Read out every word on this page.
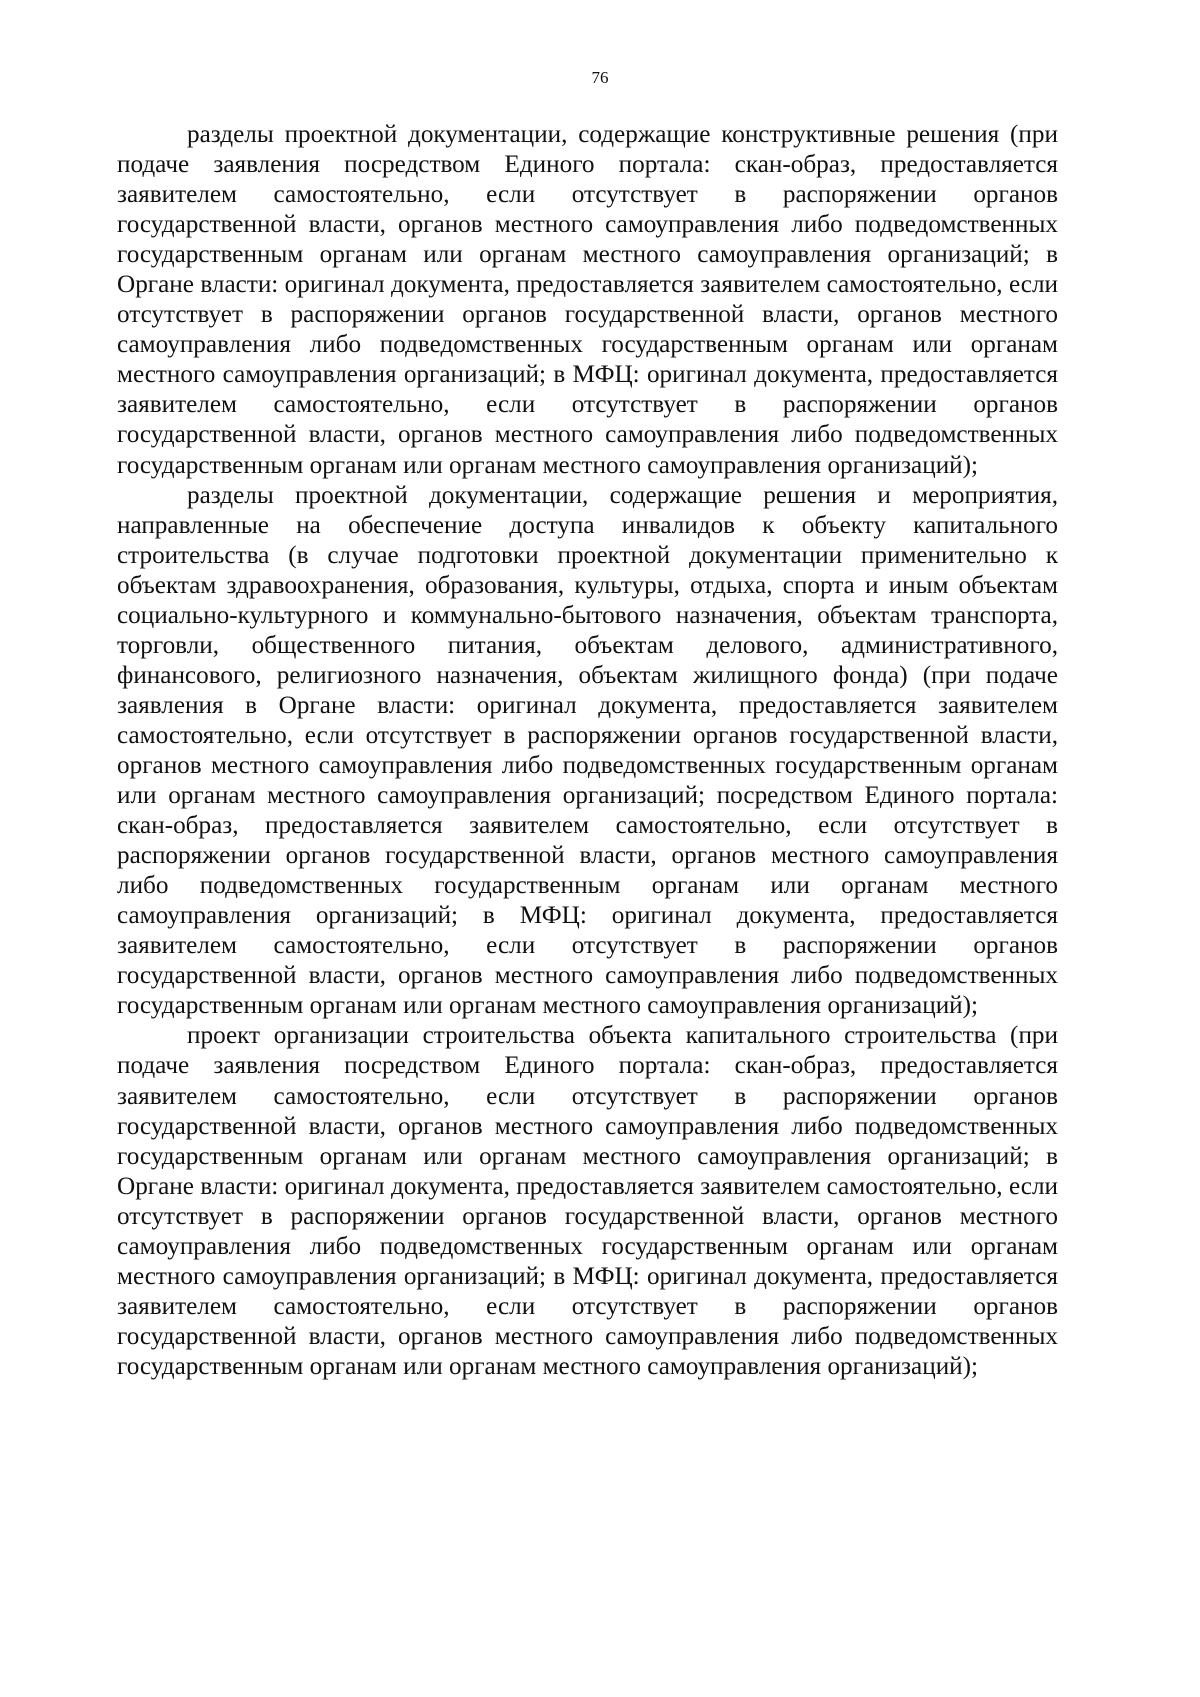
76

разделы проектной документации, содержащие конструктивные решения (при подаче заявления посредством Единого портала: скан-образ, предоставляется заявителем самостоятельно, если отсутствует в распоряжении органов государственной власти, органов местного самоуправления либо подведомственных государственным органам или органам местного самоуправления организаций; в Органе власти: оригинал документа, предоставляется заявителем самостоятельно, если отсутствует в распоряжении органов государственной власти, органов местного самоуправления либо подведомственных государственным органам или органам местного самоуправления организаций; в МФЦ: оригинал документа, предоставляется заявителем самостоятельно, если отсутствует в распоряжении органов государственной власти, органов местного самоуправления либо подведомственных государственным органам или органам местного самоуправления организаций);

разделы проектной документации, содержащие решения и мероприятия, направленные на обеспечение доступа инвалидов к объекту капитального строительства (в случае подготовки проектной документации применительно к объектам здравоохранения, образования, культуры, отдыха, спорта и иным объектам социально-культурного и коммунально-бытового назначения, объектам транспорта, торговли, общественного питания, объектам делового, административного, финансового, религиозного назначения, объектам жилищного фонда) (при подаче заявления в Органе власти: оригинал документа, предоставляется заявителем самостоятельно, если отсутствует в распоряжении органов государственной власти, органов местного самоуправления либо подведомственных государственным органам или органам местного самоуправления организаций; посредством Единого портала: скан-образ, предоставляется заявителем самостоятельно, если отсутствует в распоряжении органов государственной власти, органов местного самоуправления либо подведомственных государственным органам или органам местного самоуправления организаций; в МФЦ: оригинал документа, предоставляется заявителем самостоятельно, если отсутствует в распоряжении органов государственной власти, органов местного самоуправления либо подведомственных государственным органам или органам местного самоуправления организаций);

проект организации строительства объекта капитального строительства (при подаче заявления посредством Единого портала: скан-образ, предоставляется заявителем самостоятельно, если отсутствует в распоряжении органов государственной власти, органов местного самоуправления либо подведомственных государственным органам или органам местного самоуправления организаций; в Органе власти: оригинал документа, предоставляется заявителем самостоятельно, если отсутствует в распоряжении органов государственной власти, органов местного самоуправления либо подведомственных государственным органам или органам местного самоуправления организаций; в МФЦ: оригинал документа, предоставляется заявителем самостоятельно, если отсутствует в распоряжении органов государственной власти, органов местного самоуправления либо подведомственных государственным органам или органам местного самоуправления организаций);
